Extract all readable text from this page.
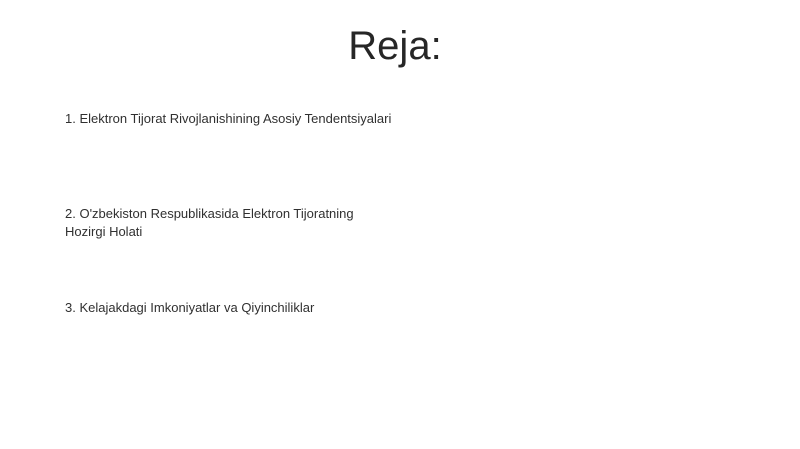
Reja:
1. Elektron Tijorat Rivojlanishining Asosiy Tendentsiyalari
2. O'zbekiston Respublikasida Elektron Tijoratning Hozirgi Holati
3. Kelajakdagi Imkoniyatlar va Qiyinchiliklar
